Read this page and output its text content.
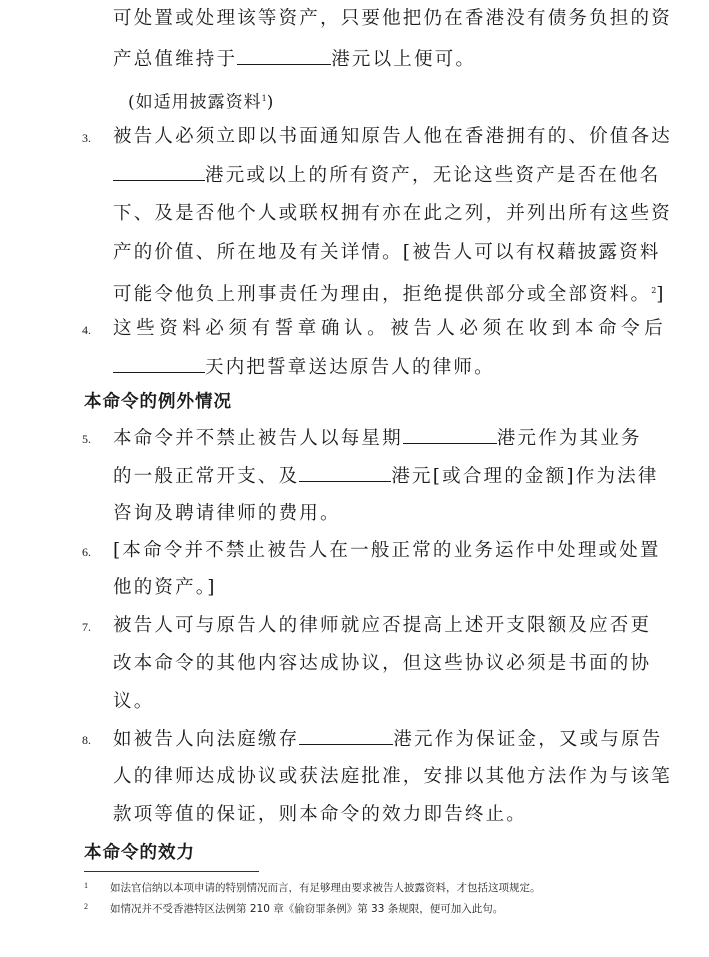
可处置或处理该等资产，只要他把仍在香港没有债务负担的资
产总值维持于	港元以上便可。
(如适用披露资料$^1$)
3. 被告人必须立即以书面通知原告人他在香港拥有的、价值各达
港元或以上的所有资产，无论这些资产是否在他名
下、及是否他个人或联权拥有亦在此之列，并列出所有这些资
产的价值、所在地及有关详情。[被告人可以有权藉披露资料
可能令他负上刑事责任为理由，拒绝提供部分或全部资料。$^2$]
4. 这些资料必须有誓章确认。被告人必须在收到本命令后
天内把誓章送达原告人的律师。
本命令的例外情况
5. 本命令并不禁止被告人以每星期	港元作为其业务
的一般正常开支、及	港元[或合理的金额]作为法律
咨询及聘请律师的费用。
6. [本命令并不禁止被告人在一般正常的业务运作中处理或处置
他的资产。]
7. 被告人可与原告人的律师就应否提高上述开支限额及应否更
改本命令的其他内容达成协议，但这些协议必须是书面的协
议。
8. 如被告人向法庭缴存	港元作为保证金，又或与原告
人的律师达成协议或获法庭批准，安排以其他方法作为与该笔
款项等值的保证，则本命令的效力即告终止。
本命令的效力
1 如法官信纳以本项申请的特别情况而言，有足够理由要求被告人披露资料，才包括这项规定。
2 如情况并不受香港特区法例第 210 章《偷窃罪条例》第 33 条规限，便可加入此句。
